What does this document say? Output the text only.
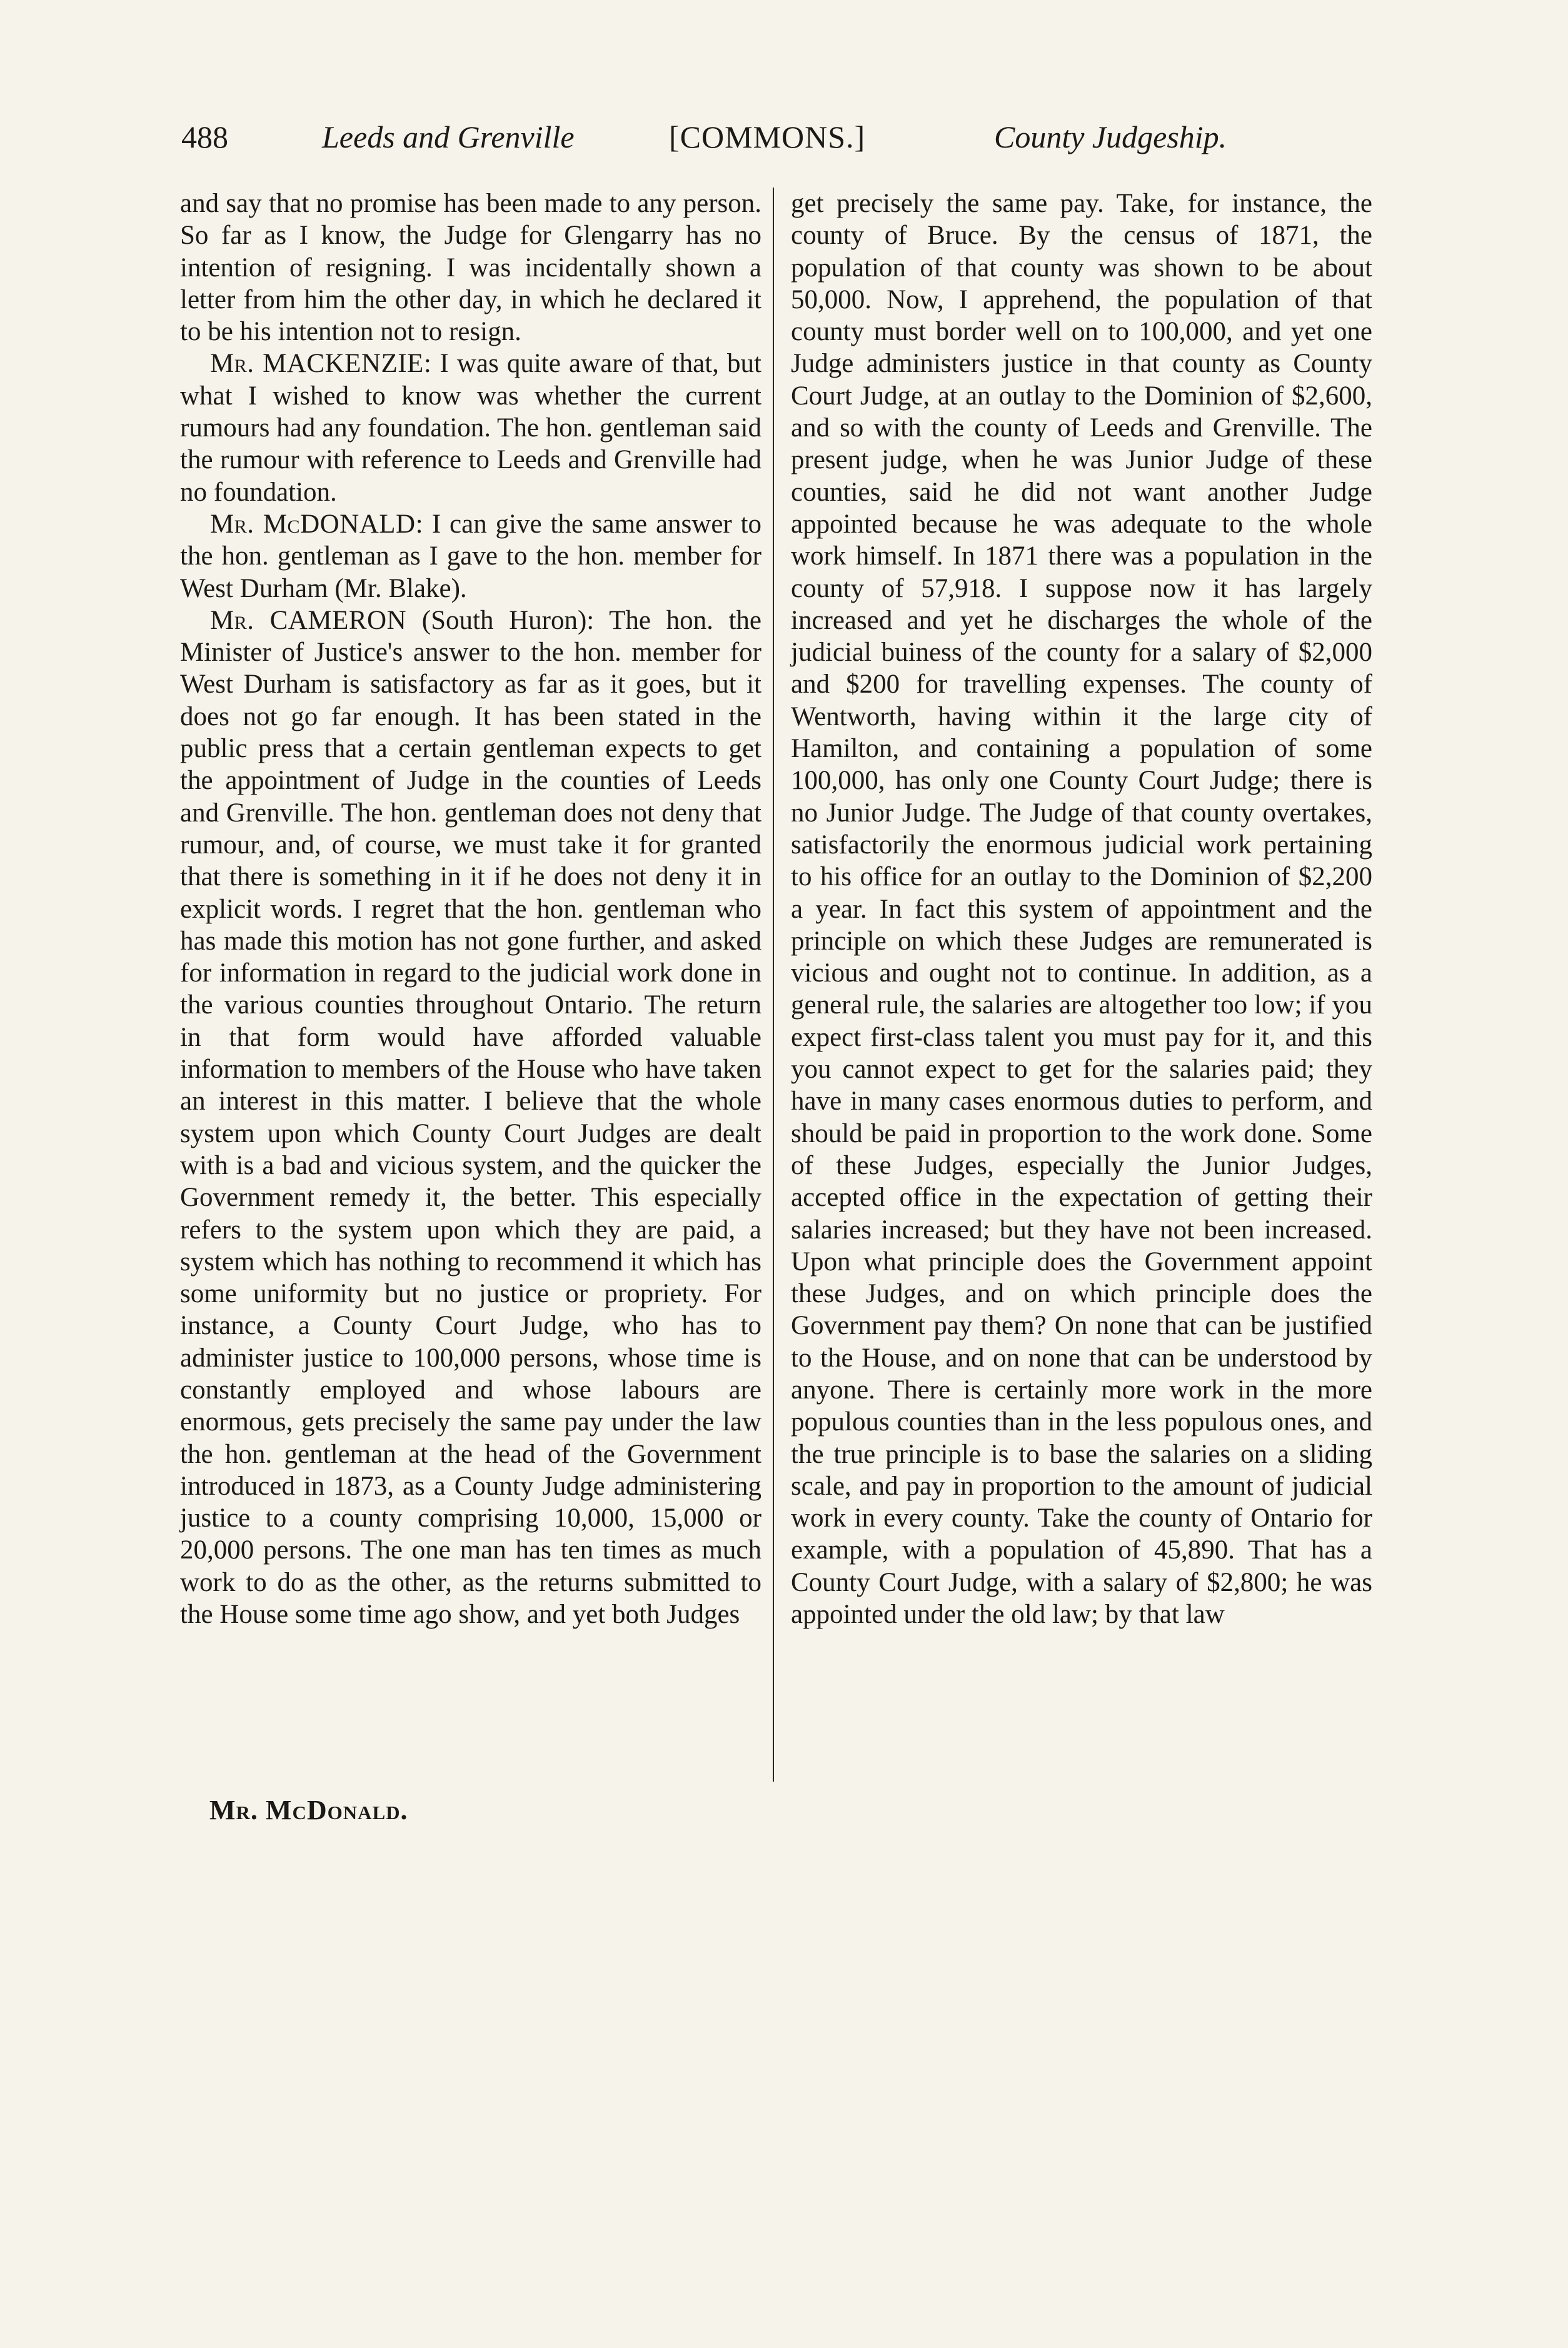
488	Leeds and Grenville	[COMMONS.]	County Judgeship.

and say that no promise has been made to any person. So far as I know, the Judge for Glengarry has no intention of resigning. I was incidentally shown a letter from him the other day, in which he declared it to be his intention not to resign.

Mr. MACKENZIE: I was quite aware of that, but what I wished to know was whether the current rumours had any foundation. The hon. gentleman said the rumour with reference to Leeds and Grenville had no foundation.

Mr. McDONALD: I can give the same answer to the hon. gentleman as I gave to the hon. member for West Durham (Mr. Blake).

Mr. CAMERON (South Huron): The hon. the Minister of Justice's answer to the hon. member for West Durham is satisfactory as far as it goes, but it does not go far enough. It has been stated in the public press that a certain gentleman expects to get the appointment of Judge in the counties of Leeds and Grenville. The hon. gentleman does not deny that rumour, and, of course, we must take it for granted that there is something in it if he does not deny it in explicit words. I regret that the hon. gentleman who has made this motion has not gone further, and asked for information in regard to the judicial work done in the various counties throughout Ontario. The return in that form would have afforded valuable information to members of the House who have taken an interest in this matter. I believe that the whole system upon which County Court Judges are dealt with is a bad and vicious system, and the quicker the Government remedy it, the better. This especially refers to the system upon which they are paid, a system which has nothing to recommend it which has some uniformity but no justice or propriety. For instance, a County Court Judge, who has to administer justice to 100,000 persons, whose time is constantly employed and whose labours are enormous, gets precisely the same pay under the law the hon. gentleman at the head of the Government introduced in 1873, as a County Judge administering justice to a county comprising 10,000, 15,000 or 20,000 persons. The one man has ten times as much work to do as the other, as the returns submitted to the House some time ago show, and yet both Judges

get precisely the same pay. Take, for instance, the county of Bruce. By the census of 1871, the population of that county was shown to be about 50,000. Now, I apprehend, the population of that county must border well on to 100,000, and yet one Judge administers justice in that county as County Court Judge, at an outlay to the Dominion of $2,600, and so with the county of Leeds and Grenville. The present judge, when he was Junior Judge of these counties, said he did not want another Judge appointed because he was adequate to the whole work himself. In 1871 there was a population in the county of 57,918. I suppose now it has largely increased and yet he discharges the whole of the judicial buiness of the county for a salary of $2,000 and $200 for travelling expenses. The county of Wentworth, having within it the large city of Hamilton, and containing a population of some 100,000, has only one County Court Judge; there is no Junior Judge. The Judge of that county overtakes, satisfactorily the enormous judicial work pertaining to his office for an outlay to the Dominion of $2,200 a year. In fact this system of appointment and the principle on which these Judges are remunerated is vicious and ought not to continue. In addition, as a general rule, the salaries are altogether too low; if you expect first-class talent you must pay for it, and this you cannot expect to get for the salaries paid; they have in many cases enormous duties to perform, and should be paid in proportion to the work done. Some of these Judges, especially the Junior Judges, accepted office in the expectation of getting their salaries increased; but they have not been increased. Upon what principle does the Government appoint these Judges, and on which principle does the Government pay them? On none that can be justified to the House, and on none that can be understood by anyone. There is certainly more work in the more populous counties than in the less populous ones, and the true principle is to base the salaries on a sliding scale, and pay in proportion to the amount of judicial work in every county. Take the county of Ontario for example, with a population of 45,890. That has a County Court Judge, with a salary of $2,800; he was appointed under the old law; by that law

Mr. McDonald.
